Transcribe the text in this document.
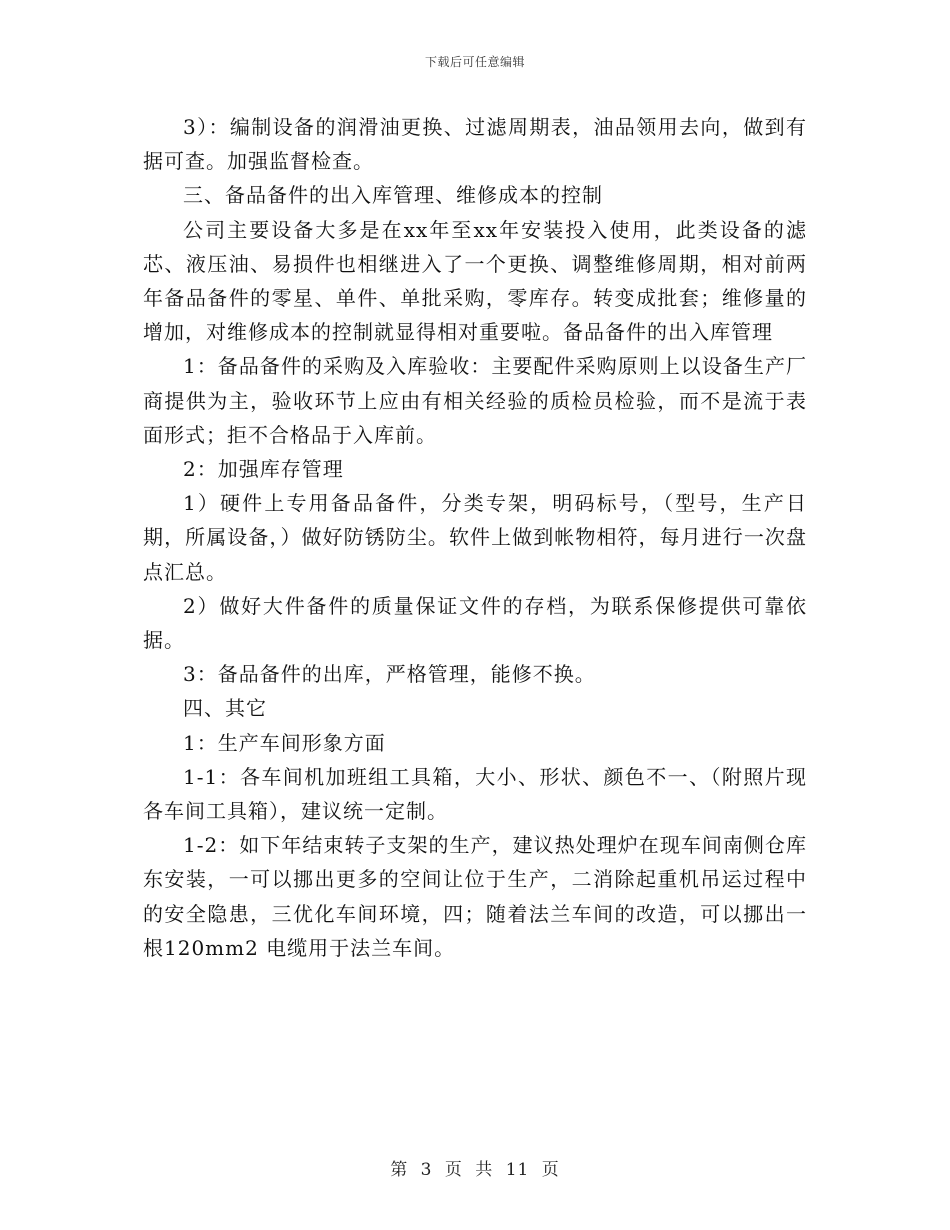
下载后可任意编辑

3）：编制设备的润滑油更换、过滤周期表，油品领用去向，做到有据可查。加强监督检查。

三、备品备件的出入库管理、维修成本的控制

公司主要设备大多是在xx年至xx年安装投入使用，此类设备的滤芯、液压油、易损件也相继进入了一个更换、调整维修周期，相对前两年备品备件的零星、单件、单批采购，零库存。转变成批套；维修量的增加，对维修成本的控制就显得相对重要啦。备品备件的出入库管理

1：备品备件的采购及入库验收：主要配件采购原则上以设备生产厂商提供为主，验收环节上应由有相关经验的质检员检验，而不是流于表面形式；拒不合格品于入库前。

2：加强库存管理

1）硬件上专用备品备件，分类专架，明码标号，（型号，生产日期，所属设备，）做好防锈防尘。软件上做到帐物相符，每月进行一次盘点汇总。

2）做好大件备件的质量保证文件的存档，为联系保修提供可靠依据。

3：备品备件的出库，严格管理，能修不换。

四、其它

1：生产车间形象方面

1-1：各车间机加班组工具箱，大小、形状、颜色不一、（附照片现各车间工具箱），建议统一定制。

1-2：如下年结束转子支架的生产，建议热处理炉在现车间南侧仓库东安装，一可以挪出更多的空间让位于生产，二消除起重机吊运过程中的安全隐患，三优化车间环境，四；随着法兰车间的改造，可以挪出一根120mm2 电缆用于法兰车间。

第 3 页 共 11 页
